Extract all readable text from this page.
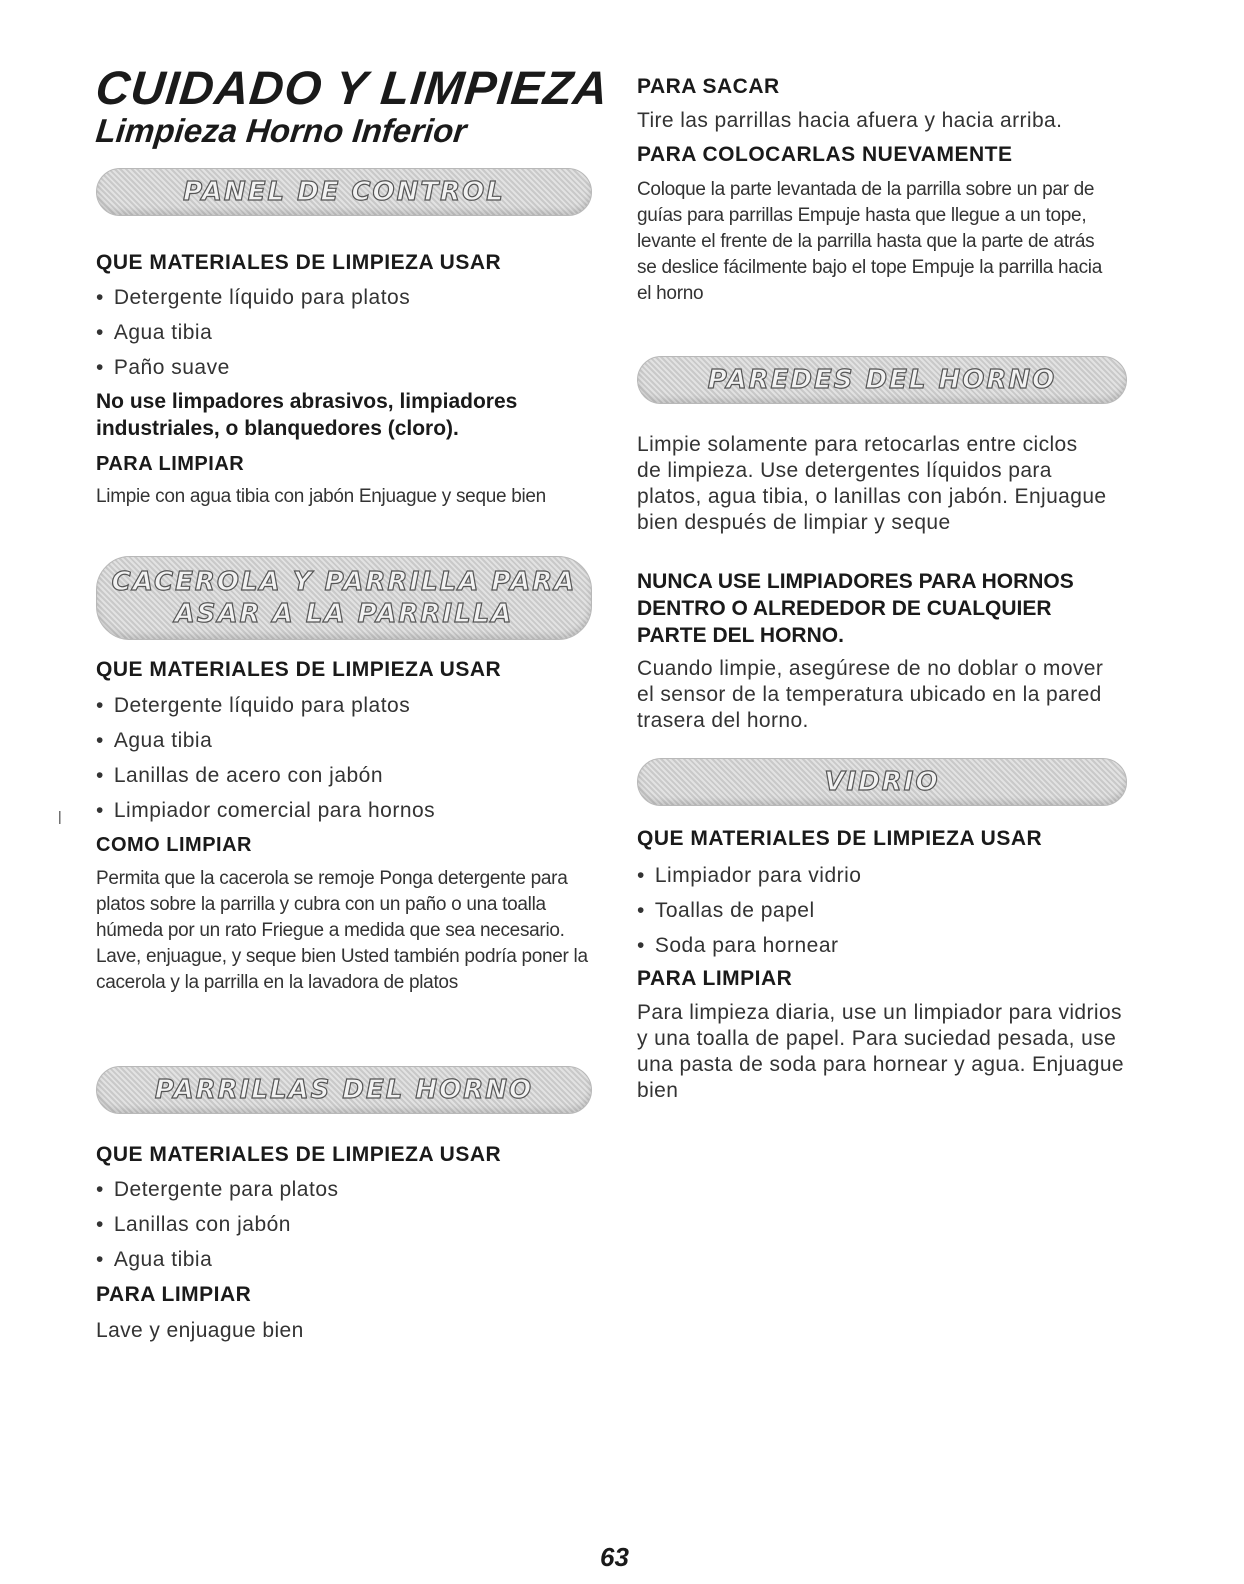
CUIDADO Y LIMPIEZA
Limpieza Horno Inferior
PANEL DE CONTROL
QUE MATERIALES DE LIMPIEZA USAR
• Detergente líquido para platos
• Agua tibia
• Paño suave

No use limpadores abrasivos, limpiadores industriales, o blanquedores (cloro).

PARA LIMPIAR

Limpie con agua tibia con jabón Enjuague y seque bien

CACEROLA Y PARRILLA PARA
ASAR A LA PARRILLA
QUE MATERIALES DE LIMPIEZA USAR
• Detergente líquido para platos
• Agua tibia
• Lanillas de acero con jabón
• Limpiador comercial para hornos
COMO LIMPIAR

Permita que la cacerola se remoje Ponga detergente para platos sobre la parrilla y cubra con un paño o una toalla húmeda por un rato Friegue a medida que sea necesario. Lave, enjuague, y seque bien Usted también podría poner la cacerola y la parrilla en la lavadora de platos

PARRILLAS DEL HORNO
QUE MATERIALES DE LIMPIEZA USAR
• Detergente para platos
• Lanillas con jabón
• Agua tibia
PARA LIMPIAR

Lave y enjuague bien

|
PARA SACAR

Tire las parrillas hacia afuera y hacia arriba.

PARA COLOCARLAS NUEVAMENTE

Coloque la parte levantada de la parrilla sobre un par de guías para parrillas Empuje hasta que llegue a un tope, levante el frente de la parrilla hasta que la parte de atrás se deslice fácilmente bajo el tope Empuje la parrilla hacia el horno

PAREDES DEL HORNO

Limpie solamente para retocarlas entre ciclos de limpieza. Use detergentes líquidos para platos, agua tibia, o lanillas con jabón. Enjuague bien después de limpiar y seque

NUNCA USE LIMPIADORES PARA HORNOS DENTRO O ALREDEDOR DE CUALQUIER PARTE DEL HORNO.

Cuando limpie, asegúrese de no doblar o mover el sensor de la temperatura ubicado en la pared trasera del horno.

VIDRIO
QUE MATERIALES DE LIMPIEZA USAR
• Limpiador para vidrio
• Toallas de papel
• Soda para hornear
PARA LIMPIAR

Para limpieza diaria, use un limpiador para vidrios y una toalla de papel. Para suciedad pesada, use una pasta de soda para hornear y agua. Enjuague bien

63
